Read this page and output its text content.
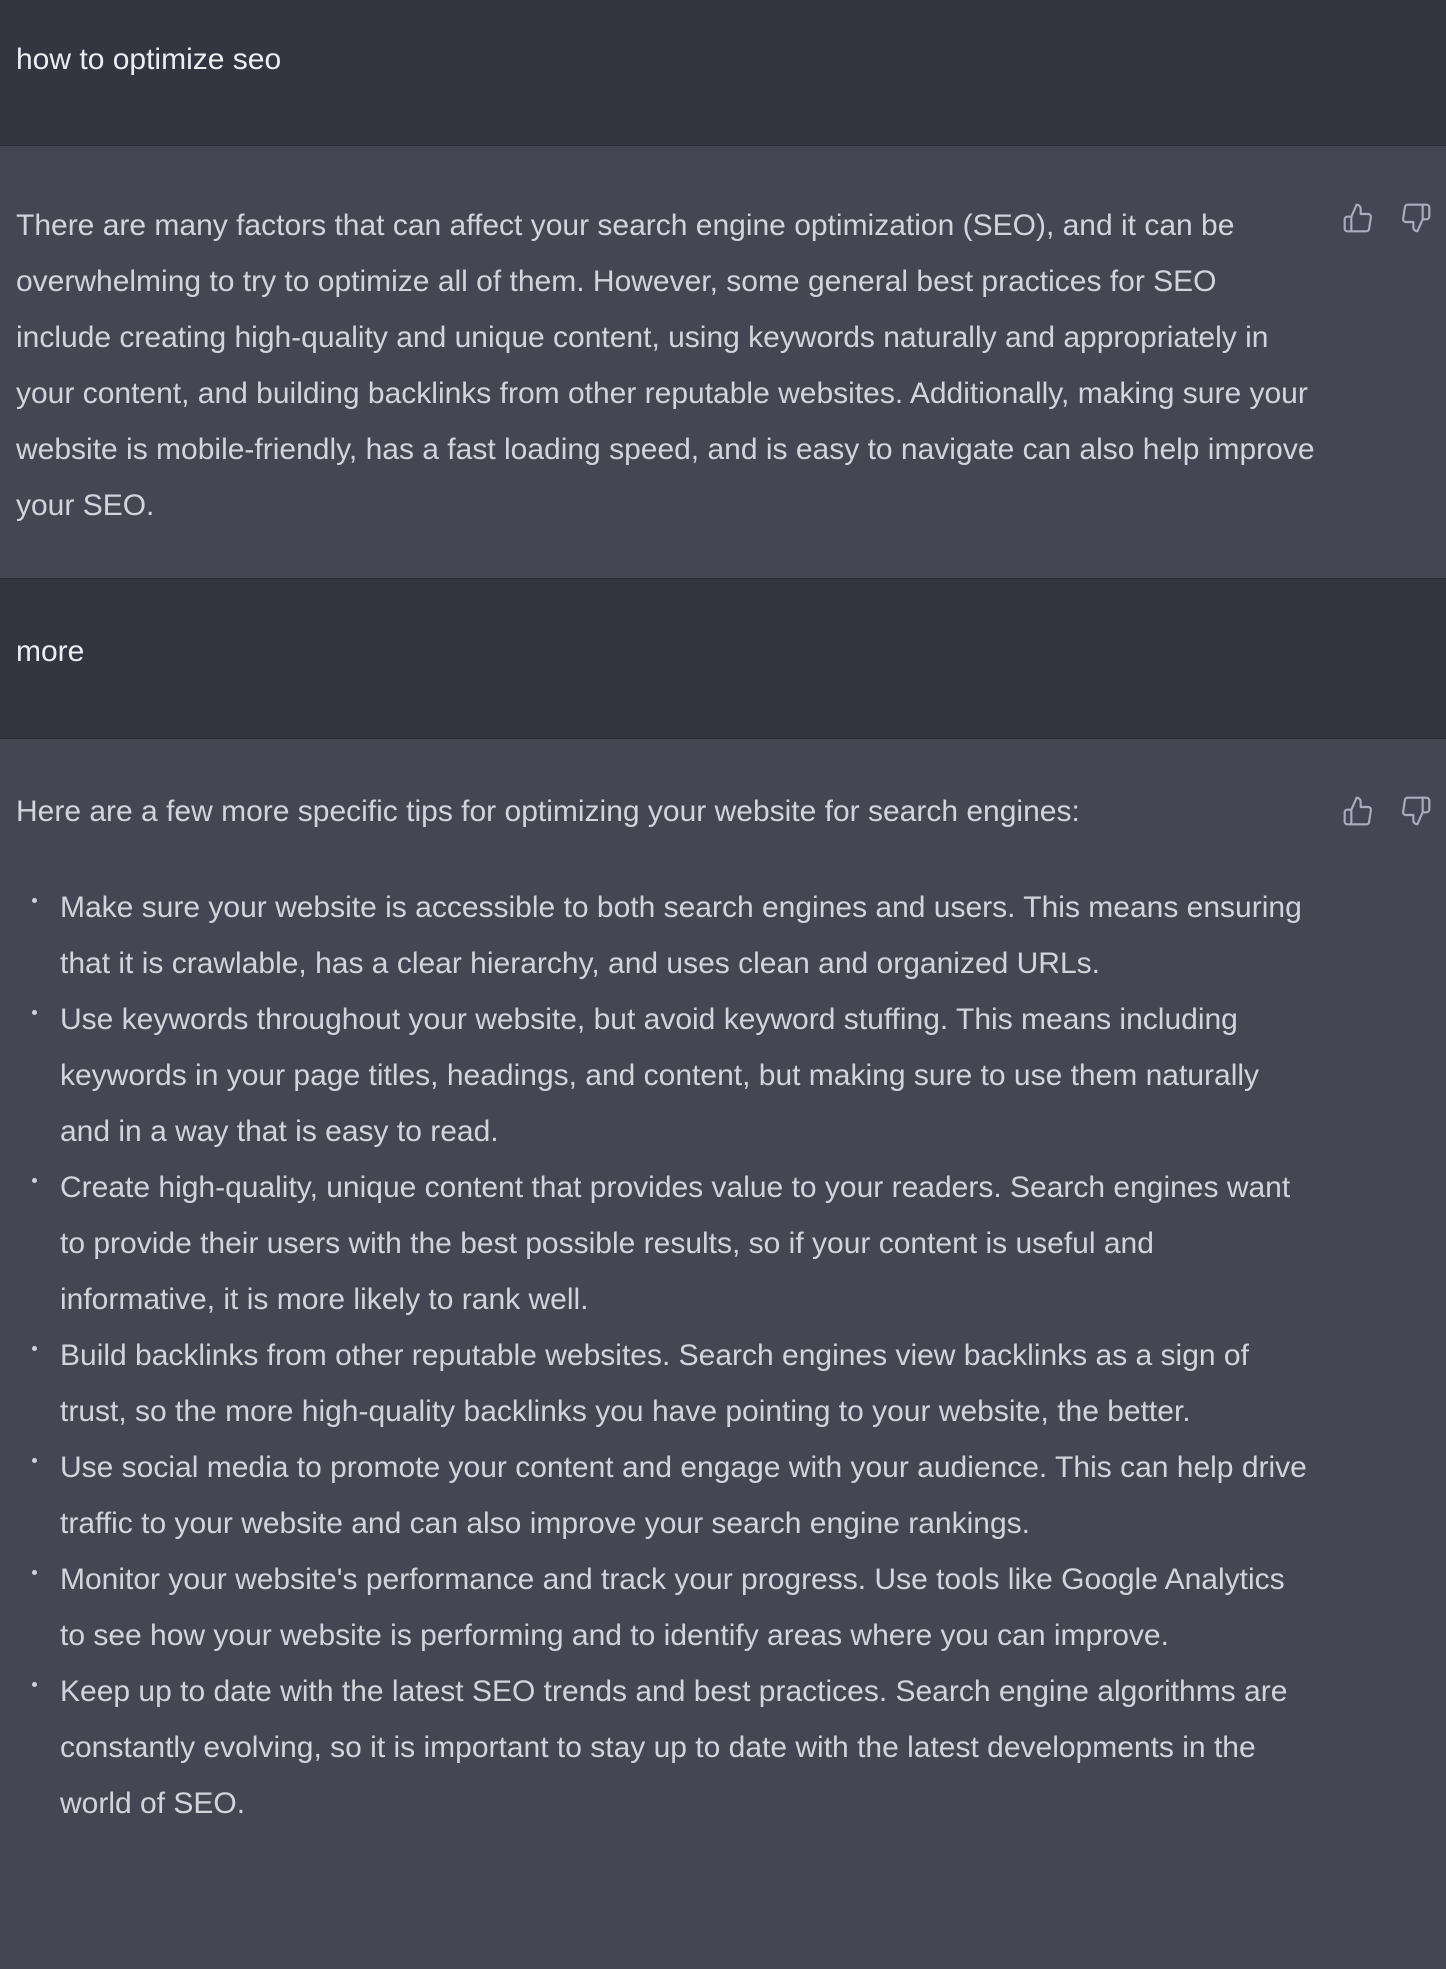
how to optimize seo

There are many factors that can affect your search engine optimization (SEO), and it can be overwhelming to try to optimize all of them. However, some general best practices for SEO include creating high-quality and unique content, using keywords naturally and appropriately in your content, and building backlinks from other reputable websites. Additionally, making sure your website is mobile-friendly, has a fast loading speed, and is easy to navigate can also help improve your SEO.

more

Here are a few more specific tips for optimizing your website for search engines:

Make sure your website is accessible to both search engines and users. This means ensuring that it is crawlable, has a clear hierarchy, and uses clean and organized URLs.
Use keywords throughout your website, but avoid keyword stuffing. This means including keywords in your page titles, headings, and content, but making sure to use them naturally and in a way that is easy to read.
Create high-quality, unique content that provides value to your readers. Search engines want to provide their users with the best possible results, so if your content is useful and informative, it is more likely to rank well.
Build backlinks from other reputable websites. Search engines view backlinks as a sign of trust, so the more high-quality backlinks you have pointing to your website, the better.
Use social media to promote your content and engage with your audience. This can help drive traffic to your website and can also improve your search engine rankings.
Monitor your website's performance and track your progress. Use tools like Google Analytics to see how your website is performing and to identify areas where you can improve.
Keep up to date with the latest SEO trends and best practices. Search engine algorithms are constantly evolving, so it is important to stay up to date with the latest developments in the world of SEO.
